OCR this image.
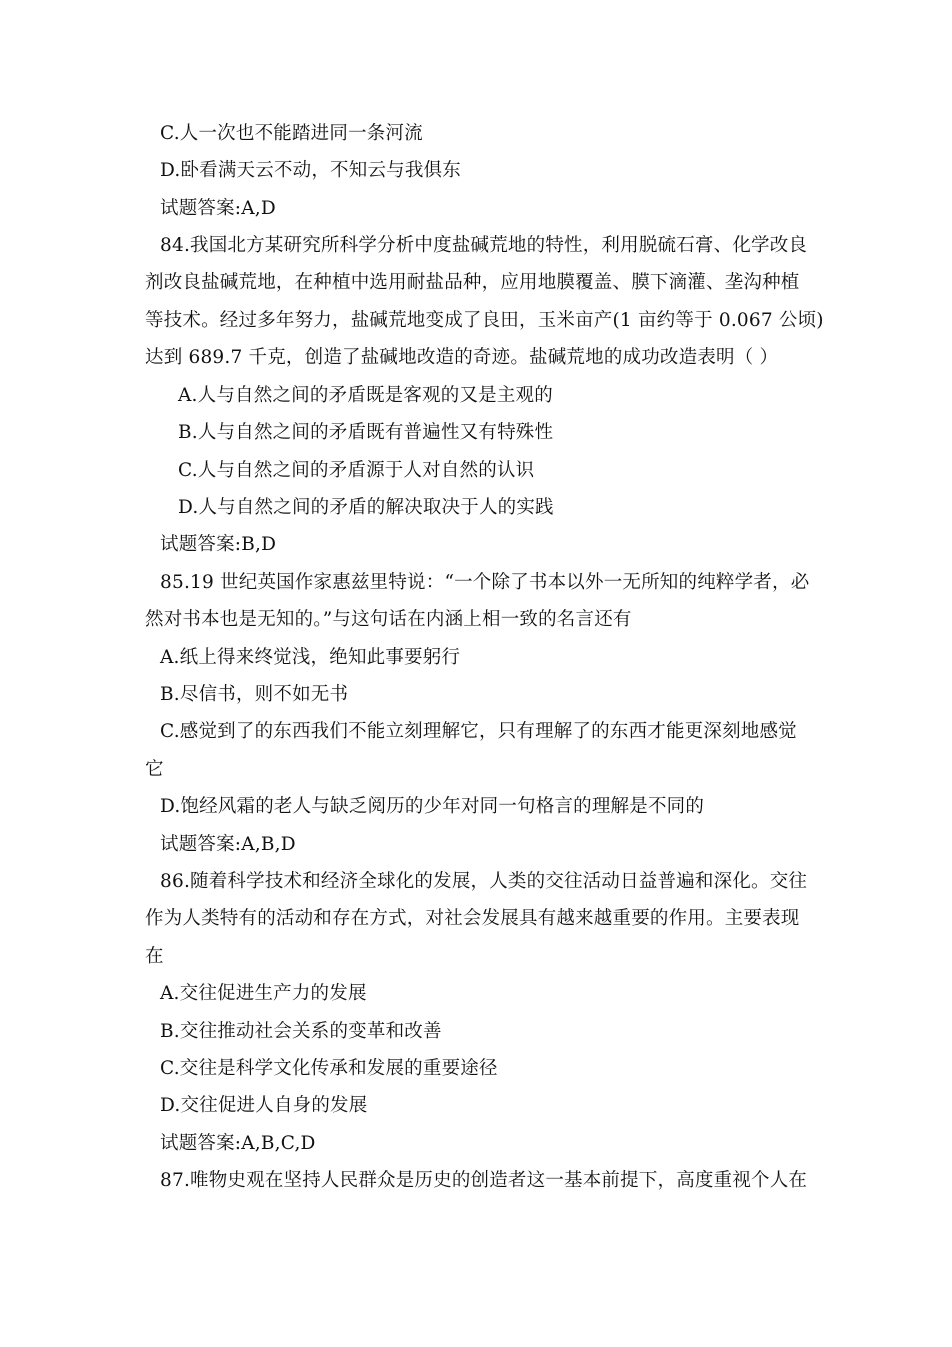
C.人一次也不能踏进同一条河流
D.卧看满天云不动，不知云与我俱东
试题答案:A,D
84.我国北方某研究所科学分析中度盐碱荒地的特性，利用脱硫石膏、化学改良
剂改良盐碱荒地，在种植中选用耐盐品种，应用地膜覆盖、膜下滴灌、垄沟种植
等技术。经过多年努力，盐碱荒地变成了良田，玉米亩产(1 亩约等于 0.067 公顷)
达到 689.7 千克，创造了盐碱地改造的奇迹。盐碱荒地的成功改造表明（ ）
A.人与自然之间的矛盾既是客观的又是主观的
B.人与自然之间的矛盾既有普遍性又有特殊性
C.人与自然之间的矛盾源于人对自然的认识
D.人与自然之间的矛盾的解决取决于人的实践
试题答案:B,D
85.19 世纪英国作家惠兹里特说：“一个除了书本以外一无所知的纯粹学者，必
然对书本也是无知的。”与这句话在内涵上相一致的名言还有
A.纸上得来终觉浅，绝知此事要躬行
B.尽信书，则不如无书
C.感觉到了的东西我们不能立刻理解它，只有理解了的东西才能更深刻地感觉
它
D.饱经风霜的老人与缺乏阅历的少年对同一句格言的理解是不同的
试题答案:A,B,D
86.随着科学技术和经济全球化的发展，人类的交往活动日益普遍和深化。交往
作为人类特有的活动和存在方式，对社会发展具有越来越重要的作用。主要表现
在
A.交往促进生产力的发展
B.交往推动社会关系的变革和改善
C.交往是科学文化传承和发展的重要途径
D.交往促进人自身的发展
试题答案:A,B,C,D
87.唯物史观在坚持人民群众是历史的创造者这一基本前提下，高度重视个人在
